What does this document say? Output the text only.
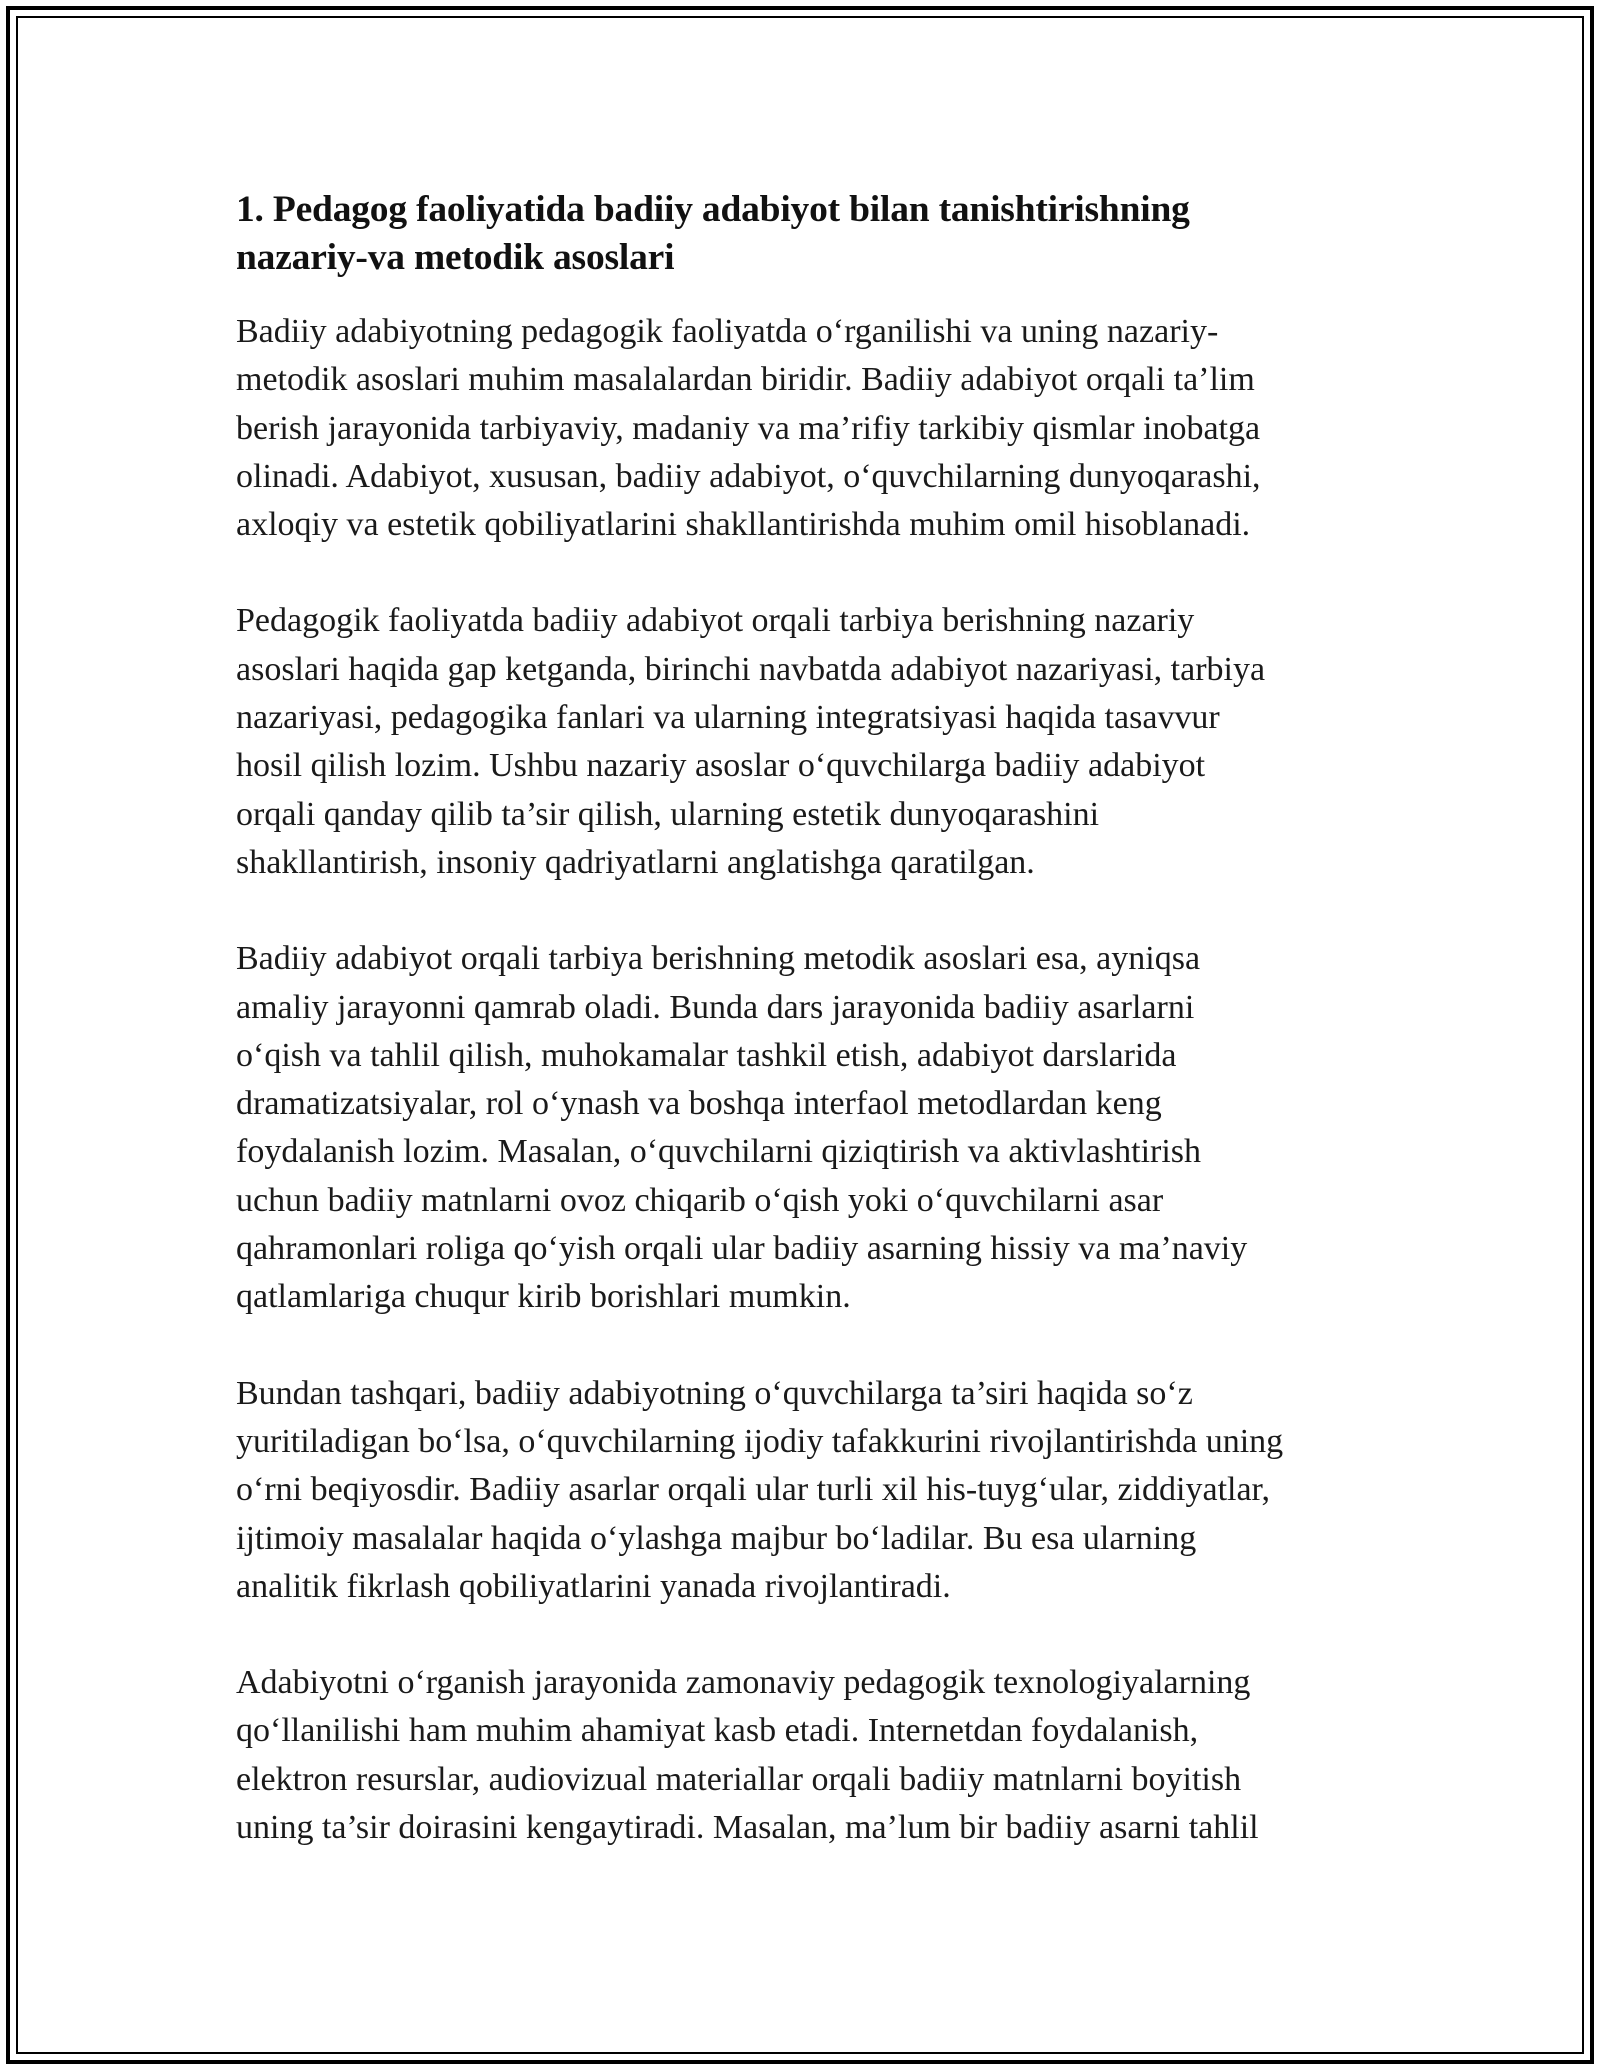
1. Pedagog faoliyatida badiiy adabiyot bilan tanishtirishning
nazariy-va metodik asoslari

Badiiy adabiyotning pedagogik faoliyatda o‘rganilishi va uning nazariy-
metodik asoslari muhim masalalardan biridir. Badiiy adabiyot orqali ta’lim
berish jarayonida tarbiyaviy, madaniy va ma’rifiy tarkibiy qismlar inobatga
olinadi. Adabiyot, xususan, badiiy adabiyot, o‘quvchilarning dunyoqarashi,
axloqiy va estetik qobiliyatlarini shakllantirishda muhim omil hisoblanadi.

Pedagogik faoliyatda badiiy adabiyot orqali tarbiya berishning nazariy
asoslari haqida gap ketganda, birinchi navbatda adabiyot nazariyasi, tarbiya
nazariyasi, pedagogika fanlari va ularning integratsiyasi haqida tasavvur
hosil qilish lozim. Ushbu nazariy asoslar o‘quvchilarga badiiy adabiyot
orqali qanday qilib ta’sir qilish, ularning estetik dunyoqarashini
shakllantirish, insoniy qadriyatlarni anglatishga qaratilgan.

Badiiy adabiyot orqali tarbiya berishning metodik asoslari esa, ayniqsa
amaliy jarayonni qamrab oladi. Bunda dars jarayonida badiiy asarlarni
o‘qish va tahlil qilish, muhokamalar tashkil etish, adabiyot darslarida
dramatizatsiyalar, rol o‘ynash va boshqa interfaol metodlardan keng
foydalanish lozim. Masalan, o‘quvchilarni qiziqtirish va aktivlashtirish
uchun badiiy matnlarni ovoz chiqarib o‘qish yoki o‘quvchilarni asar
qahramonlari roliga qo‘yish orqali ular badiiy asarning hissiy va ma’naviy
qatlamlariga chuqur kirib borishlari mumkin.

Bundan tashqari, badiiy adabiyotning o‘quvchilarga ta’siri haqida so‘z
yuritiladigan bo‘lsa, o‘quvchilarning ijodiy tafakkurini rivojlantirishda uning
o‘rni beqiyosdir. Badiiy asarlar orqali ular turli xil his-tuyg‘ular, ziddiyatlar,
ijtimoiy masalalar haqida o‘ylashga majbur bo‘ladilar. Bu esa ularning
analitik fikrlash qobiliyatlarini yanada rivojlantiradi.

Adabiyotni o‘rganish jarayonida zamonaviy pedagogik texnologiyalarning
qo‘llanilishi ham muhim ahamiyat kasb etadi. Internetdan foydalanish,
elektron resurslar, audiovizual materiallar orqali badiiy matnlarni boyitish
uning ta’sir doirasini kengaytiradi. Masalan, ma’lum bir badiiy asarni tahlil
